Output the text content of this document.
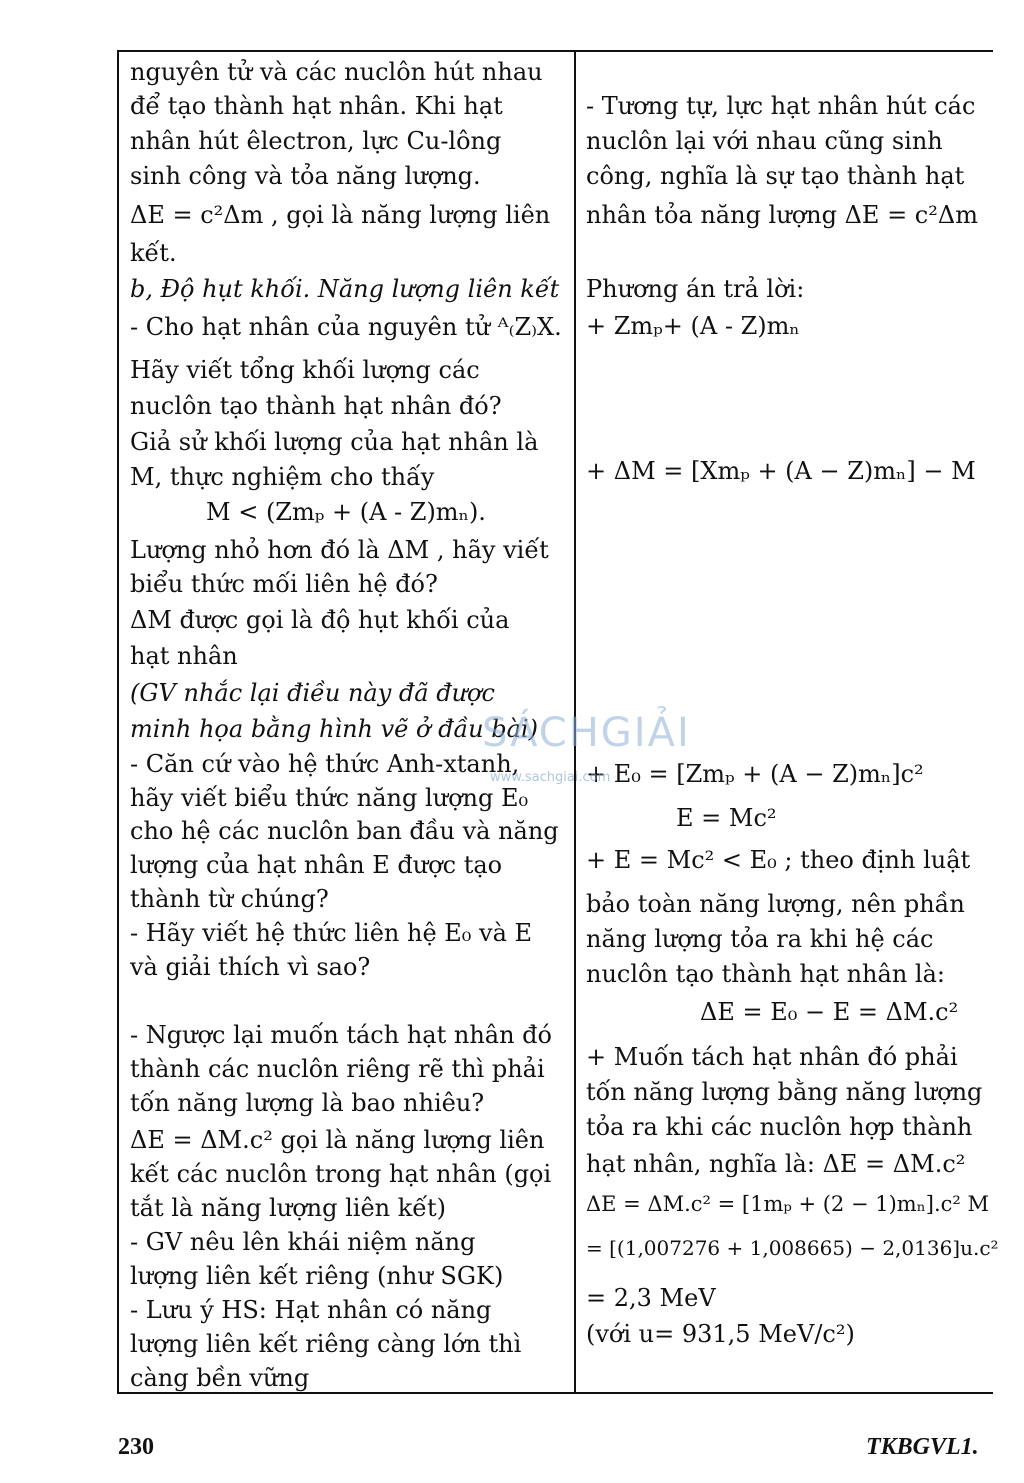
nguyên tử và các nuclôn hút nhau
để tạo thành hạt nhân. Khi hạt
nhân hút êlectron, lực Cu-lông
sinh công và tỏa năng lượng.
ΔE = c²Δm , gọi là năng lượng liên
kết.
b, Độ hụt khối. Năng lượng liên kết
- Cho hạt nhân của nguyên tử ᴬ₍Z₎X.
Hãy viết tổng khối lượng các
nuclôn tạo thành hạt nhân đó?
Giả sử khối lượng của hạt nhân là
M, thực nghiệm cho thấy
M < (Zmₚ + (A - Z)mₙ).
Lượng nhỏ hơn đó là ΔM , hãy viết
biểu thức mối liên hệ đó?
ΔM được gọi là độ hụt khối của
hạt nhân
(GV nhắc lại điều này đã được
minh họa bằng hình vẽ ở đầu bài)
- Căn cứ vào hệ thức Anh-xtanh,
hãy viết biểu thức năng lượng E₀
cho hệ các nuclôn ban đầu và năng
lượng của hạt nhân E được tạo
thành từ chúng?
- Hãy viết hệ thức liên hệ E₀ và E
và giải thích vì sao?
- Ngược lại muốn tách hạt nhân đó
thành các nuclôn riêng rẽ thì phải
tốn năng lượng là bao nhiêu?
ΔE = ΔM.c² gọi là năng lượng liên
kết các nuclôn trong hạt nhân (gọi
tắt là năng lượng liên kết)
- GV nêu lên khái niệm năng
lượng liên kết riêng (như SGK)
- Lưu ý HS: Hạt nhân có năng
lượng liên kết riêng càng lớn thì
càng bền vững
- Tương tự, lực hạt nhân hút các
nuclôn lại với nhau cũng sinh
công, nghĩa là sự tạo thành hạt
nhân tỏa năng lượng ΔE = c²Δm
Phương án trả lời:
+ Zmₚ+ (A - Z)mₙ
+ ΔM = [Xmₚ + (A − Z)mₙ] − M
+ E₀ = [Zmₚ + (A − Z)mₙ]c²
E = Mc²
+ E = Mc² < E₀ ; theo định luật
bảo toàn năng lượng, nên phần
năng lượng tỏa ra khi hệ các
nuclôn tạo thành hạt nhân là:
ΔE = E₀ − E = ΔM.c²
+ Muốn tách hạt nhân đó phải
tốn năng lượng bằng năng lượng
tỏa ra khi các nuclôn hợp thành
hạt nhân, nghĩa là: ΔE = ΔM.c²
ΔE = ΔM.c² = [1mₚ + (2 − 1)mₙ].c² M
= [(1,007276 + 1,008665) − 2,0136]u.c²
= 2,3 MeV
(với u= 931,5 MeV/c²)
SÁCHGIẢI
www.sachgiai.com
230	TKBGVL1.
